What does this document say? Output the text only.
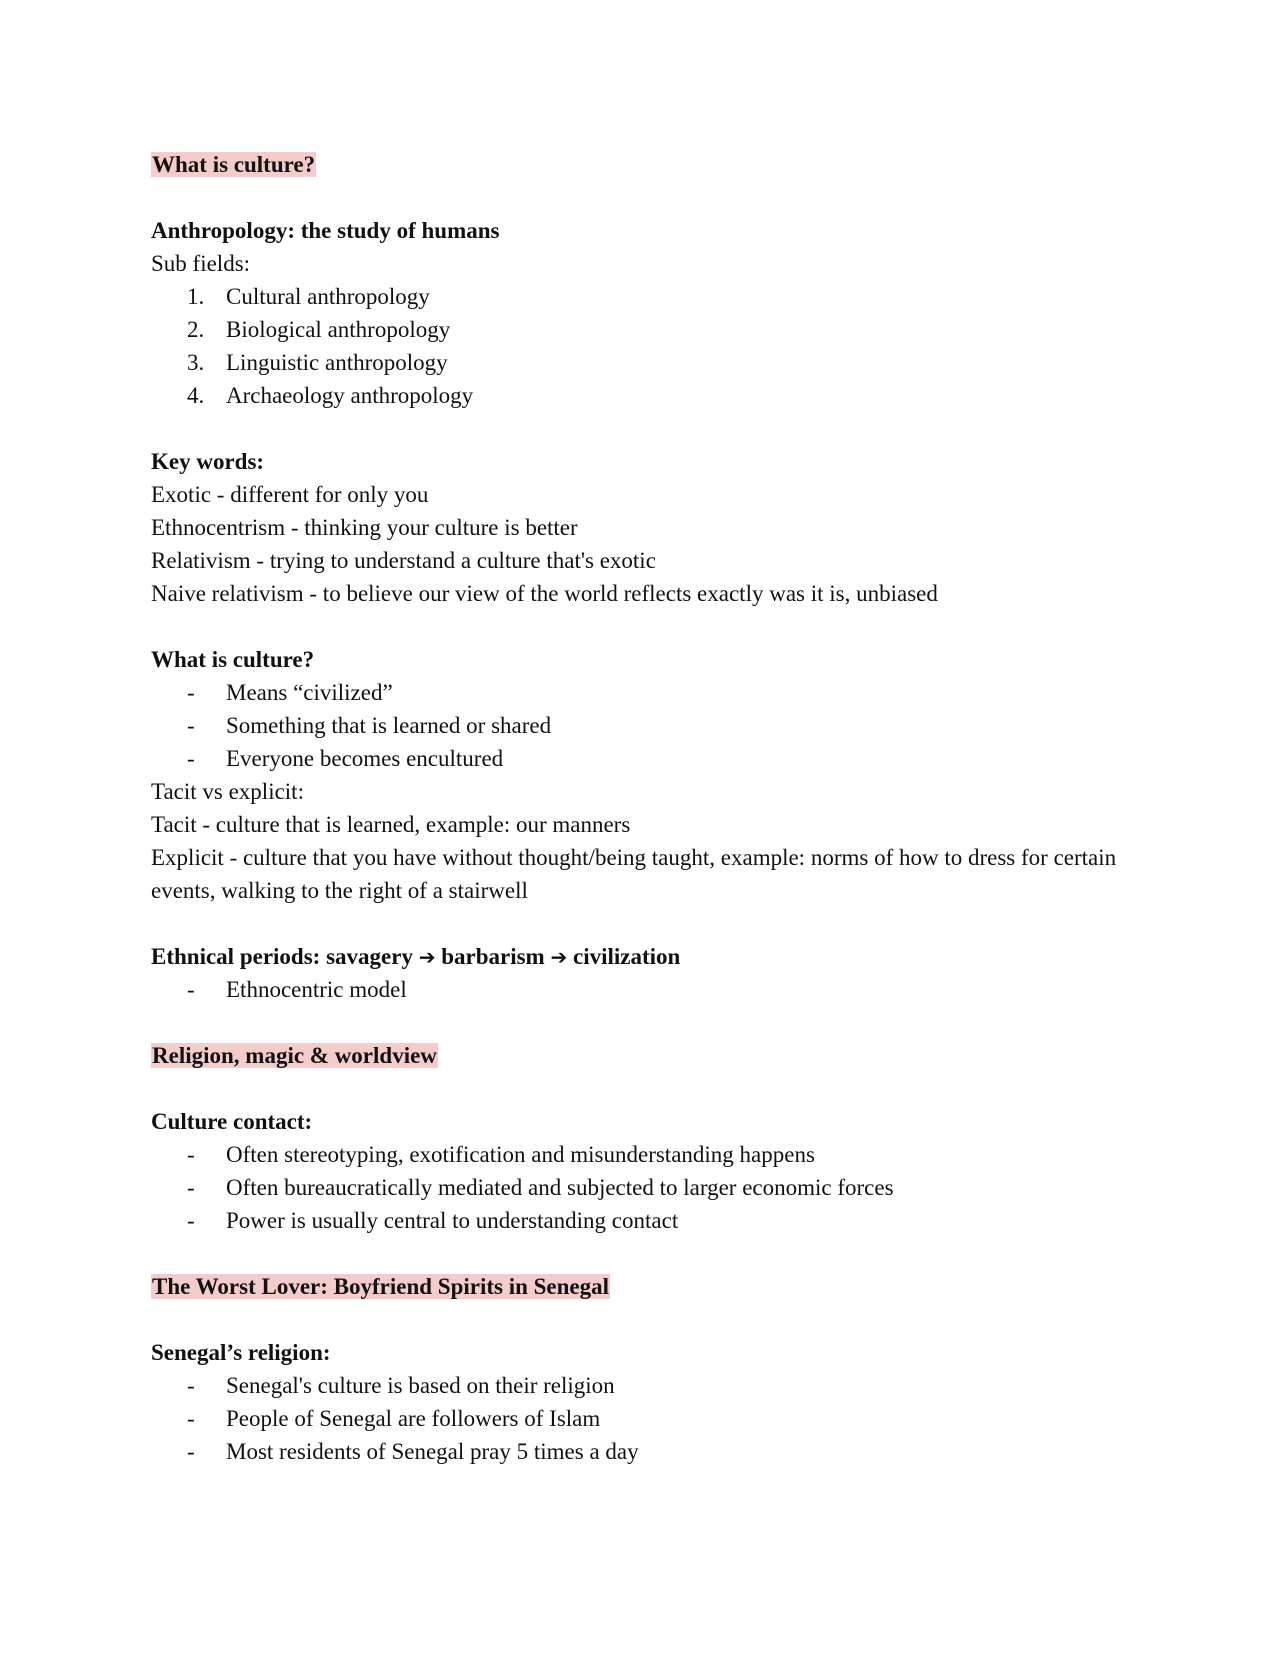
What is culture?
Anthropology: the study of humans
Sub fields:
1. Cultural anthropology
2. Biological anthropology
3. Linguistic anthropology
4. Archaeology anthropology
Key words:
Exotic - different for only you
Ethnocentrism - thinking your culture is better
Relativism - trying to understand a culture that's exotic
Naive relativism - to believe our view of the world reflects exactly was it is, unbiased
What is culture?
-	Means “civilized”
-	Something that is learned or shared
-	Everyone becomes encultured
Tacit vs explicit:
Tacit - culture that is learned, example: our manners
Explicit - culture that you have without thought/being taught, example: norms of how to dress for certain events, walking to the right of a stairwell
Ethnical periods: savagery ➔ barbarism ➔ civilization
-	Ethnocentric model
Religion, magic & worldview
Culture contact:
-	Often stereotyping, exotification and misunderstanding happens
-	Often bureaucratically mediated and subjected to larger economic forces
-	Power is usually central to understanding contact
The Worst Lover: Boyfriend Spirits in Senegal
Senegal’s religion:
-	Senegal's culture is based on their religion
-	People of Senegal are followers of Islam
-	Most residents of Senegal pray 5 times a day
